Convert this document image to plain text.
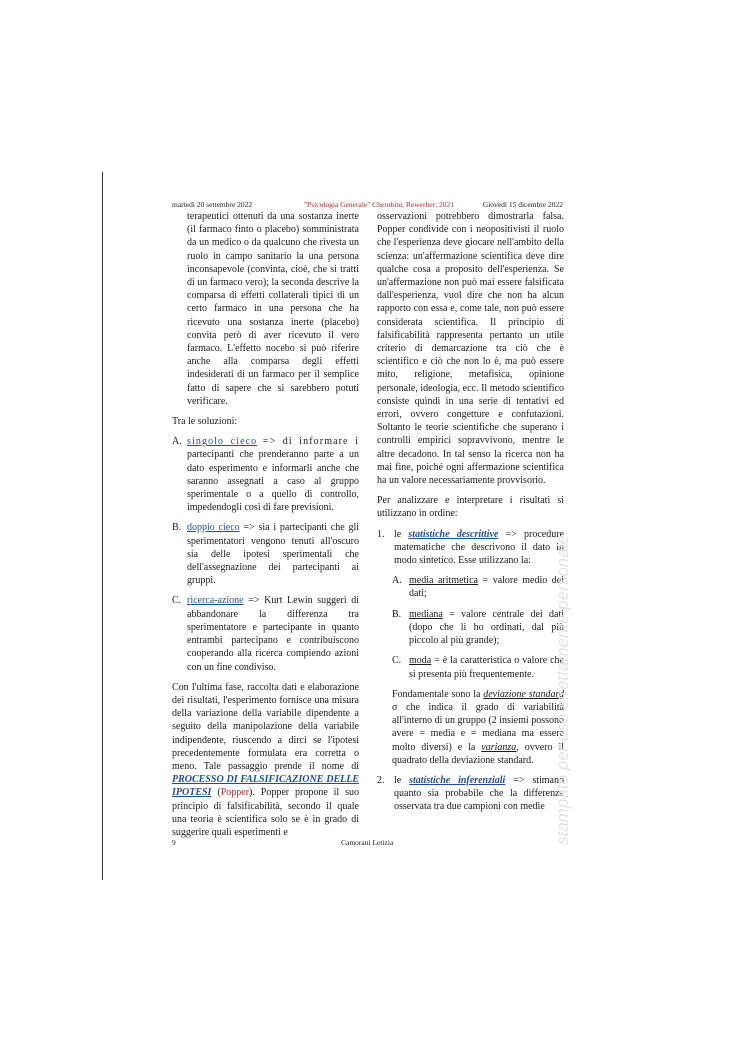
martedì 20 settembre 2022	"Psicologia Generale" Cherubini, Rewerber; 2021	Giovedì 15 dicembre 2022

terapeutici ottenuti da una sostanza inerte (il farmaco finto o placebo) somministrata da un medico o da qualcuno che rivesta un ruolo in campo sanitario la una persona inconsapevole (convinta, cioè, che si tratti di un farmaco vero); la seconda descrive la comparsa di effetti collaterali tipici di un certo farmaco in una persona che ha ricevuto una sostanza inerte (placebo) convita però di aver ricevuto il vero farmaco. L'effetto nocebo si può riferire anche alla comparsa degli effetti indesiderati di un farmaco per il semplice fatto di sapere che si sarebbero potuti verificare.

Tra le soluzioni:

A. singolo cieco => di informare i partecipanti che prenderanno parte a un dato esperimento e informarli anche che saranno assegnati a caso al gruppo sperimentale o a quello di controllo, impedendogli così di fare previsioni.
B. doppio cieco => sia i partecipanti che gli sperimentatori vengono tenuti all'oscuro sia delle ipotesi sperimentali che dell'assegnazione dei partecipanti ai gruppi.
C. ricerca-azione => Kurt Lewin suggerì di abbandonare la differenza tra sperimentatore e partecipante in quanto entrambi partecipano e contribuiscono cooperando alla ricerca compiendo azioni con un fine condiviso.

Con l'ultima fase, raccolta dati e elaborazione dei risultati, l'esperimento fornisce una misura della variazione della variabile dipendente a seguito della manipolazione della variabile indipendente, riuscendo a dirci se l'ipotesi precedentemente formulata era corretta o meno. Tale passaggio prende il nome di PROCESSO DI FALSIFICAZIONE DELLE IPOTESI (Popper). Popper propone il suo principio di falsificabilità, secondo il quale una teoria è scientifica solo se è in grado di suggerire quali esperimenti e

osservazioni potrebbero dimostrarla falsa. Popper condivide con i neopositivisti il ruolo che l'esperienza deve giocare nell'ambito della scienza: un'affermazione scientifica deve dire qualche cosa a proposito dell'esperienza. Se un'affermazione non può mai essere falsificata dall'esperienza, vuol dire che non ha alcun rapporto con essa e, come tale, non può essere considerata scientifica. Il principio di falsificabilità rappresenta pertanto un utile criterio di demarcazione tra ciò che è scientifico e ciò che non lo è, ma può essere mito, religione, metafisica, opinione personale, ideologia, ecc. Il metodo scientifico consiste quindi in una serie di tentativi ed errori, ovvero congetture e confutazioni. Soltanto le teorie scientifiche che superano i controlli empirici sopravvivono, mentre le altre decadono. In tal senso la ricerca non ha mai fine, poiché ogni affermazione scientifica ha un valore necessariamente provvisorio.

Per analizzare e interpretare i risultati si utilizzano in ordine:

1. le statistiche descrittive => procedure matematiche che descrivono il dato in modo sintetico. Esse utilizzano la:
A. media aritmetica = valore medio dei dati;
B. mediana = valore centrale dei dati (dopo che li ho ordinati, dal più piccolo al più grande);
C. moda = è la caratteristica o valore che si presenta più frequentemente.

Fondamentale sono la deviazione standard σ che indica il grado di variabilità all'interno di un gruppo (2 insiemi possono avere = media e = mediana ma essere molto diversi) e la varianza, ovvero il quadrato della deviazione standard.

2. le statistiche inferenziali => stimano quanto sia probabile che la differenza osservata tra due campioni con medie stampato per uso strettamente personale
9	Camorani Letizia
